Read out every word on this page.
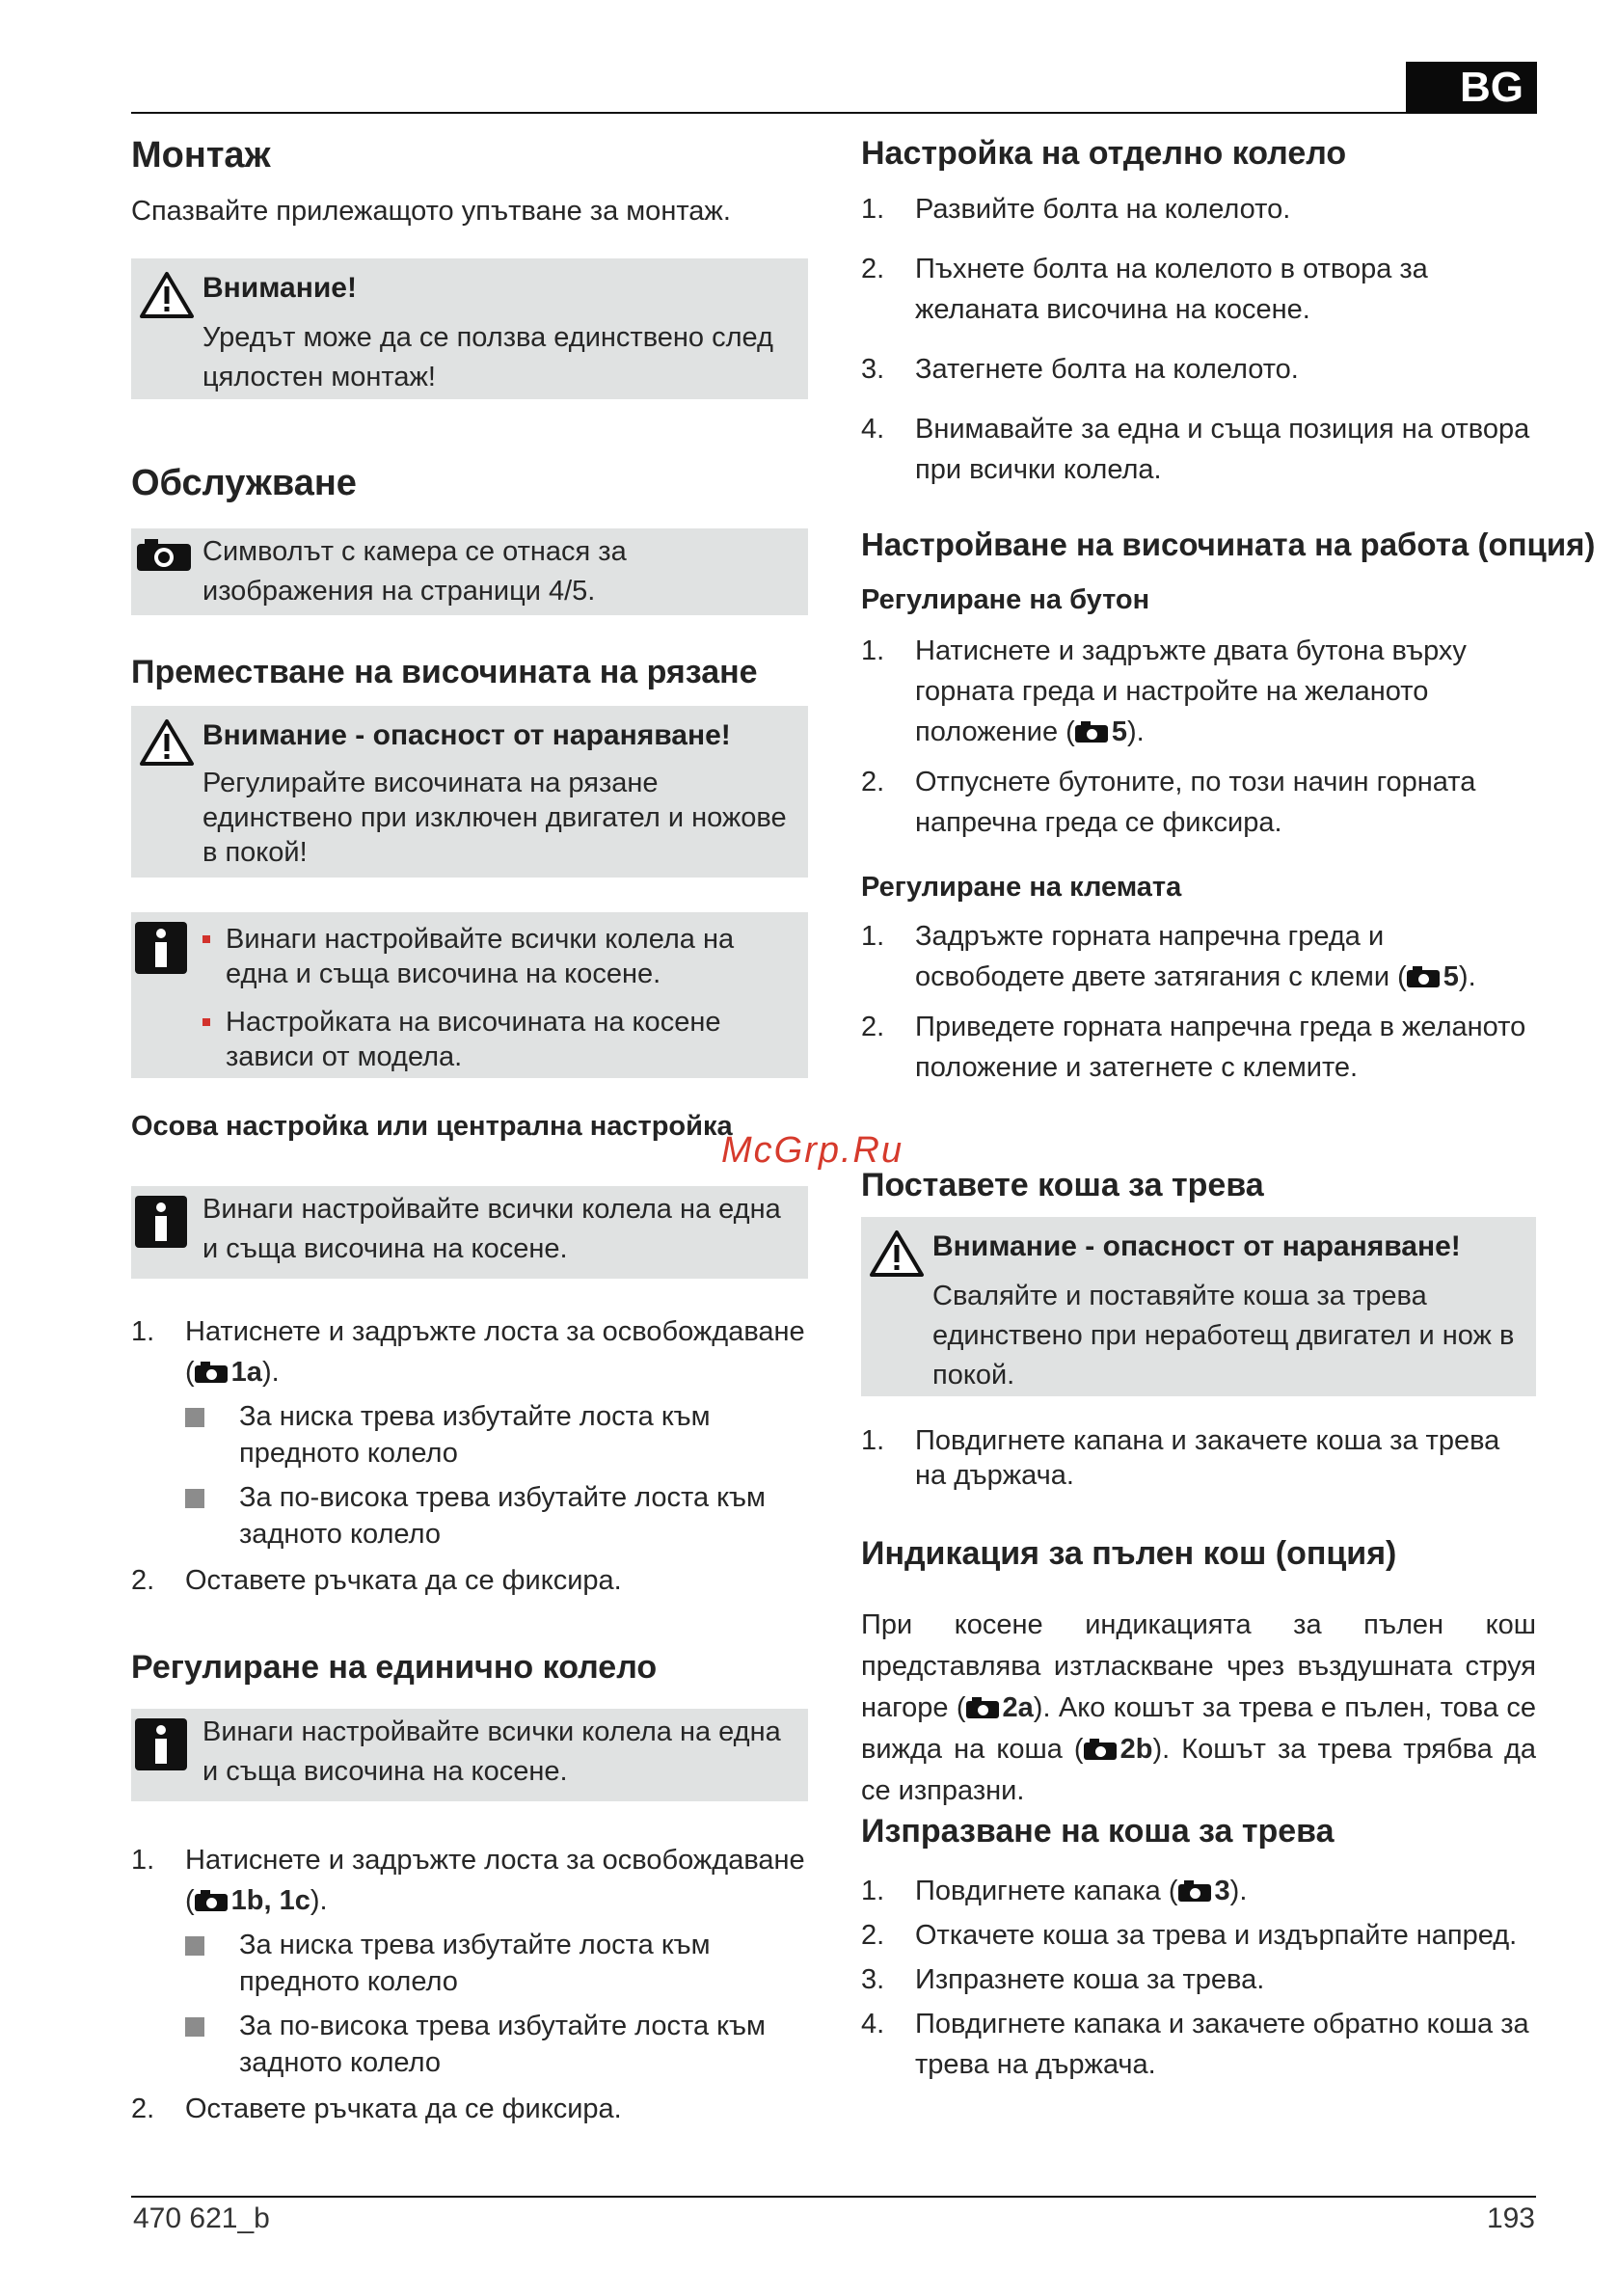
BG
Монтаж
Спазвайте прилежащото упътване за монтаж.
Внимание!
Уредът може да се ползва единствено след цялостен монтаж!
Обслужване
Символът с камера се отнася за изображения на страници 4/5.
Преместване на височината на рязане
Внимание - опасност от нараняване!
Регулирайте височината на рязане единствено при изключен двигател и ножове в покой!
Винаги настройвайте всички колела на една и съща височина на косене.
Настройката на височината на косене зависи от модела.
Осова настройка или централна настройка
Винаги настройвайте всички колела на една и съща височина на косене.
1. Натиснете и задръжте лоста за освобождаване ( 1a).
За ниска трева избутайте лоста към предното колело
За по-висока трева избутайте лоста към задното колело
2. Оставете ръчката да се фиксира.
Регулиране на единично колело
Винаги настройвайте всички колела на една и съща височина на косене.
1. Натиснете и задръжте лоста за освобождаване ( 1b, 1c).
За ниска трева избутайте лоста към предното колело
За по-висока трева избутайте лоста към задното колело
2. Оставете ръчката да се фиксира.
Настройка на отделно колело
1. Развийте болта на колелото.
2. Пъхнете болта на колелото в отвора за желаната височина на косене.
3. Затегнете болта на колелото.
4. Внимавайте за една и съща позиция на отвора при всички колела.
Настройване на височината на работа (опция)
Регулиране на бутон
1. Натиснете и задръжте двата бутона върху горната греда и настройте на желаното положение ( 5).
2. Отпуснете бутоните, по този начин горната напречна греда се фиксира.
Регулиране на клемата
1. Задръжте горната напречна греда и освободете двете затягания с клеми ( 5).
2. Приведете горната напречна греда в желаното положение и затегнете с клемите.
Поставете коша за трева
Внимание - опасност от нараняване!
Сваляйте и поставяйте коша за трева единствено при неработещ двигател и нож в покой.
1. Повдигнете капана и закачете коша за трева на държача.
Индикация за пълен кош (опция)
При косене индикацията за пълен кош представлява изтласкване чрез въздушната струя нагоре ( 2a). Ако кошът за трева е пълен, това се вижда на коша ( 2b). Кошът за трева трябва да се изпразни.
Изпразване на коша за трева
1. Повдигнете капака ( 3).
2. Откачете коша за трева и издърпайте напред.
3. Изпразнете коша за трева.
4. Повдигнете капака и закачете обратно коша за трева на държача.
McGrp.Ru
470 621_b	193
